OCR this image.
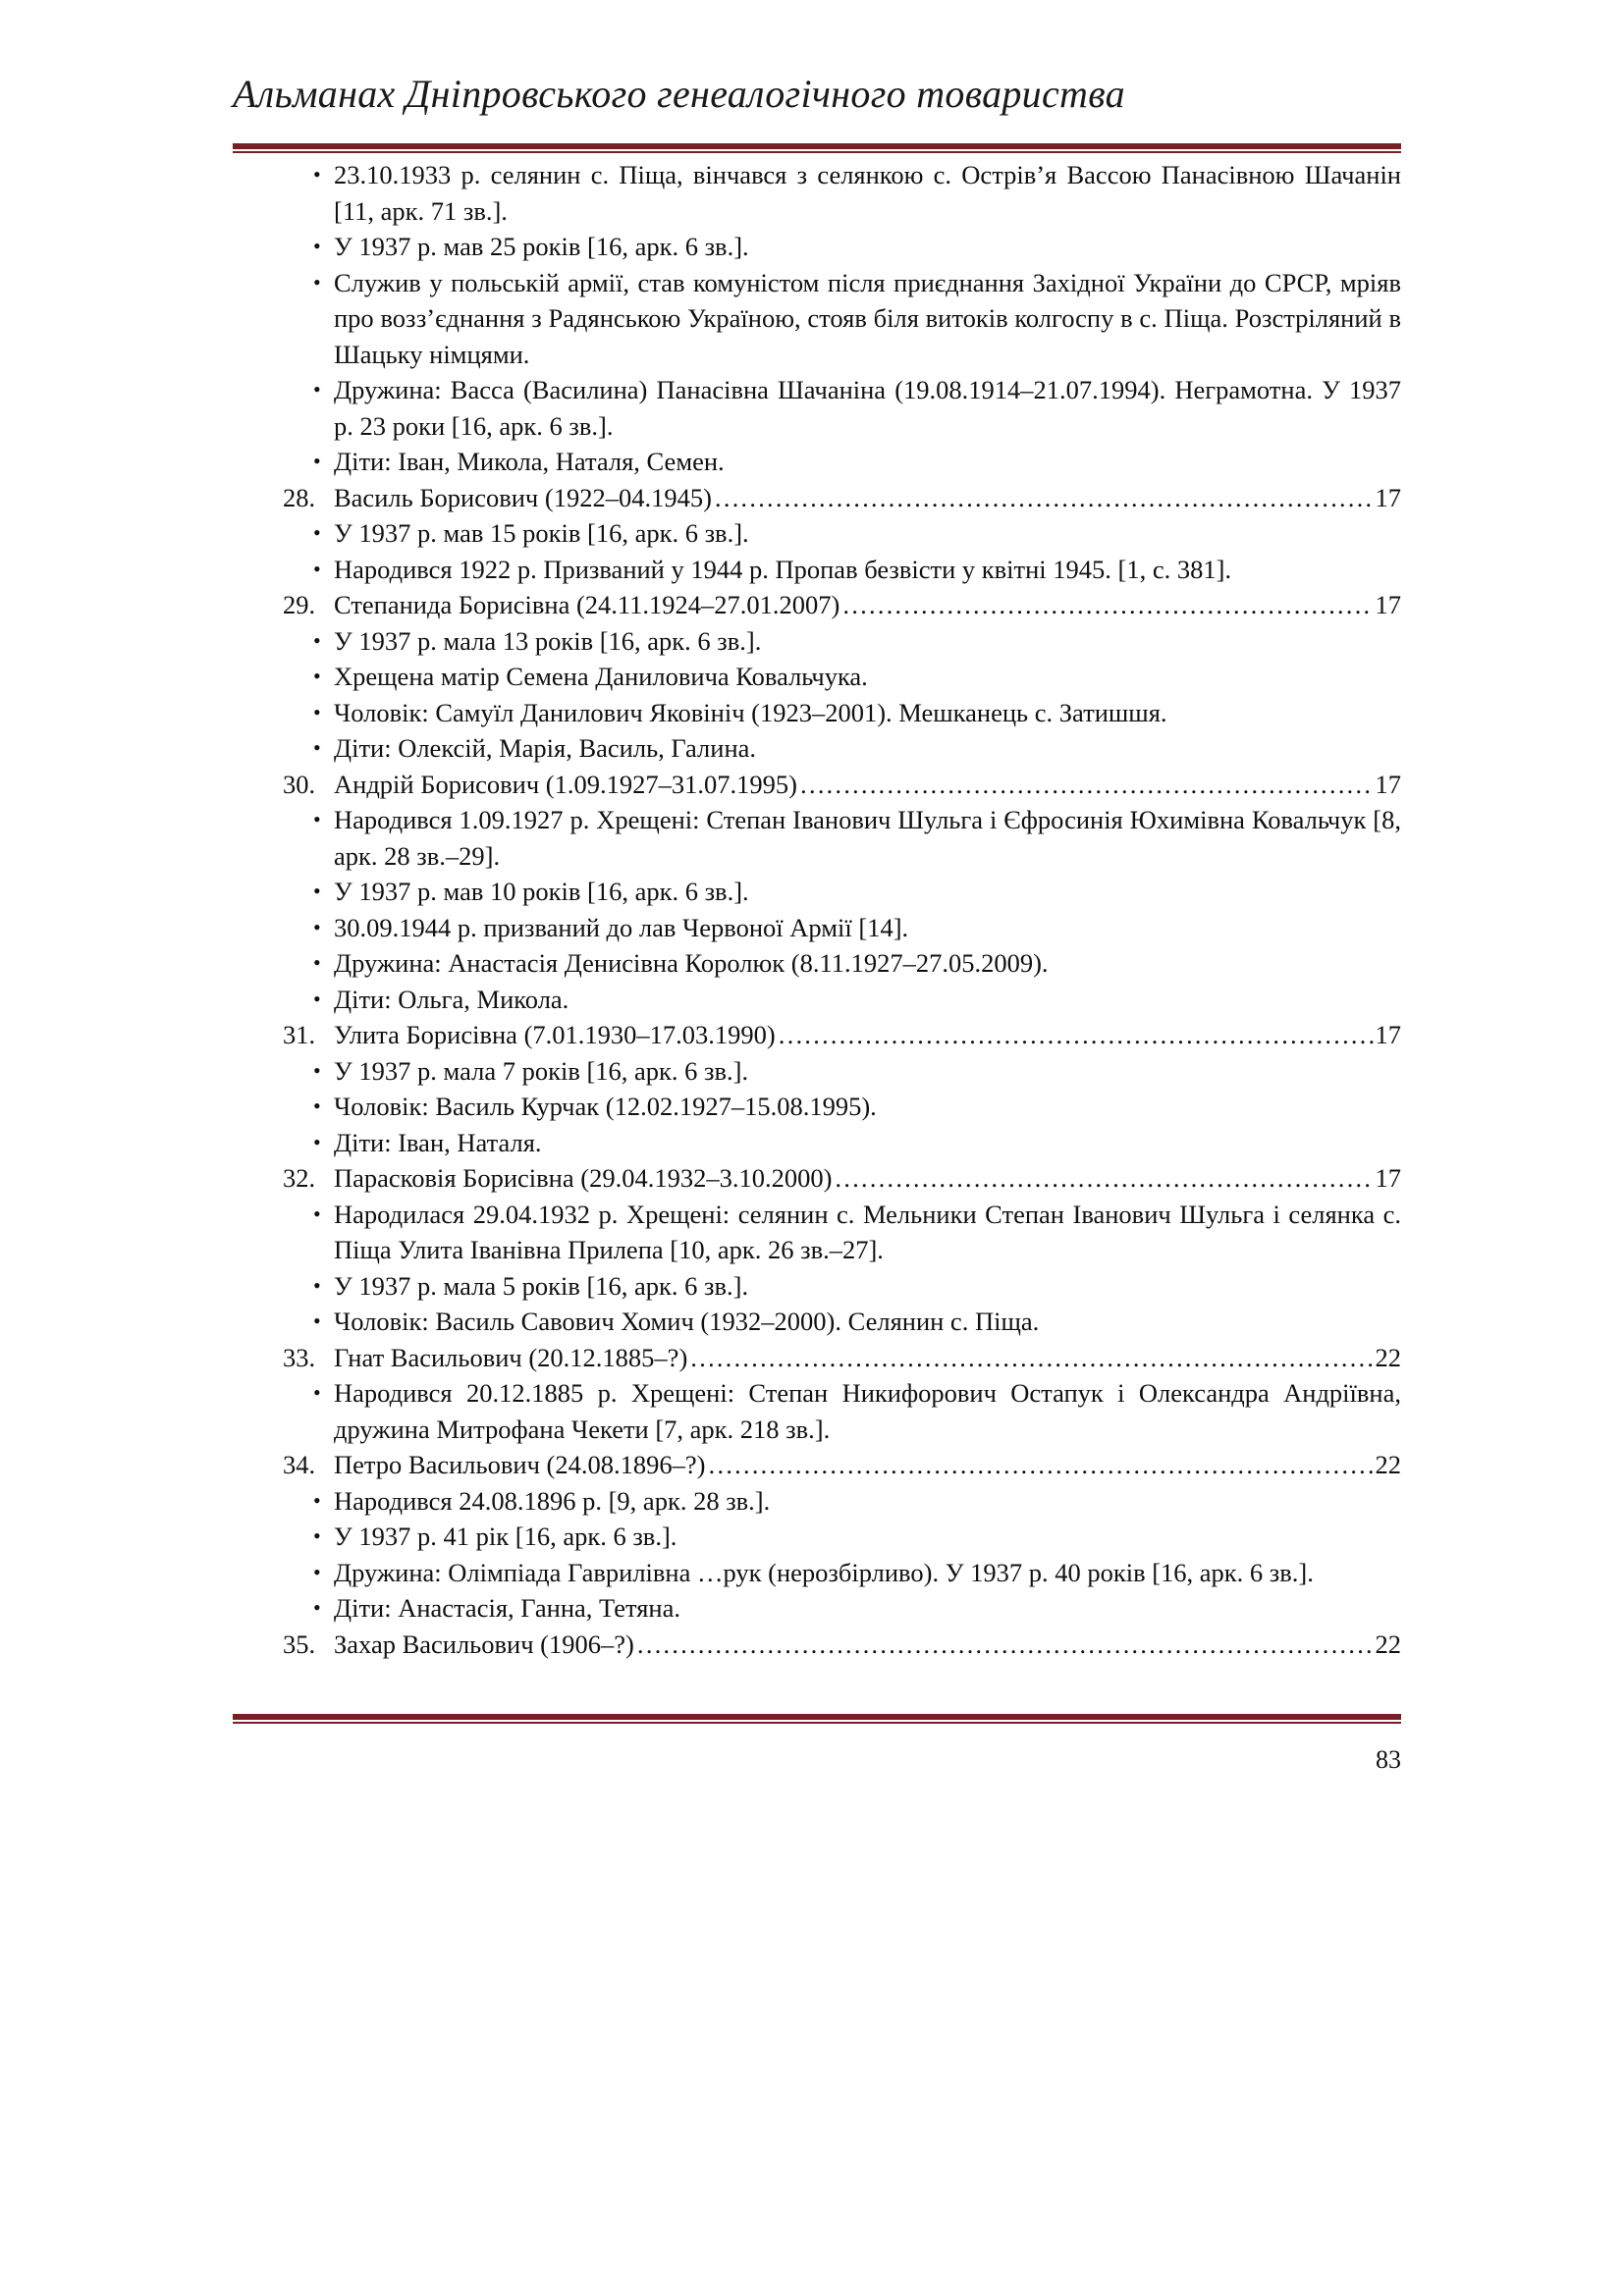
Альманах Дніпровського генеалогічного товариства
• 23.10.1933 р. селянин с. Піща, вінчався з селянкою с. Острів’я Вассою Панасівною Шачанін [11, арк. 71 зв.].
• У 1937 р. мав 25 років [16, арк. 6 зв.].
• Служив у польській армії, став комуністом після приєднання Західної України до СРСР, мріяв про возз’єднання з Радянською Україною, стояв біля витоків колгоспу в с. Піща. Розстріляний в Шацьку німцями.
• Дружина: Васса (Василина) Панасівна Шачаніна (19.08.1914–21.07.1994). Неграмотна. У 1937 р. 23 роки [16, арк. 6 зв.].
• Діти: Іван, Микола, Наталя, Семен.
28. Василь Борисович (1922–04.1945) ……………………………………………………………………………………………………………………………………………	17
• У 1937 р. мав 15 років [16, арк. 6 зв.].
• Народився 1922 р. Призваний у 1944 р. Пропав безвісти у квітні 1945. [1, с. 381].
29. Степанида Борисівна (24.11.1924–27.01.2007) ……………………………………………………………………………………………………………………………………………	17
• У 1937 р. мала 13 років [16, арк. 6 зв.].
• Хрещена матір Семена Даниловича Ковальчука.
• Чоловік: Самуїл Данилович Яковініч (1923–2001). Мешканець с. Затишшя.
• Діти: Олексій, Марія, Василь, Галина.
30. Андрій Борисович (1.09.1927–31.07.1995) ……………………………………………………………………………………………………………………………………………	17
• Народився 1.09.1927 р. Хрещені: Степан Іванович Шульга і Єфросинія Юхимівна Ковальчук [8, арк. 28 зв.–29].
• У 1937 р. мав 10 років [16, арк. 6 зв.].
• 30.09.1944 р. призваний до лав Червоної Армії [14].
• Дружина: Анастасія Денисівна Королюк (8.11.1927–27.05.2009).
• Діти: Ольга, Микола.
31. Улита Борисівна (7.01.1930–17.03.1990) ……………………………………………………………………………………………………………………………………………	17
• У 1937 р. мала 7 років [16, арк. 6 зв.].
• Чоловік: Василь Курчак (12.02.1927–15.08.1995).
• Діти: Іван, Наталя.
32. Парасковія Борисівна (29.04.1932–3.10.2000) ……………………………………………………………………………………………………………………………………………	17
• Народилася 29.04.1932 р. Хрещені: селянин с. Мельники Степан Іванович Шульга і селянка с. Піща Улита Іванівна Прилепа [10, арк. 26 зв.–27].
• У 1937 р. мала 5 років [16, арк. 6 зв.].
• Чоловік: Василь Савович Хомич (1932–2000). Селянин с. Піща.
33. Гнат Васильович (20.12.1885–?) ……………………………………………………………………………………………………………………………………………	22
• Народився 20.12.1885 р. Хрещені: Степан Никифорович Остапук і Олександра Андріївна, дружина Митрофана Чекети [7, арк. 218 зв.].
34. Петро Васильович (24.08.1896–?) ……………………………………………………………………………………………………………………………………………	22
• Народився 24.08.1896 р. [9, арк. 28 зв.].
• У 1937 р. 41 рік [16, арк. 6 зв.].
• Дружина: Олімпіада Гаврилівна …рук (нерозбірливо). У 1937 р. 40 років [16, арк. 6 зв.].
• Діти: Анастасія, Ганна, Тетяна.
35. Захар Васильович (1906–?) ……………………………………………………………………………………………………………………………………………	22
83
